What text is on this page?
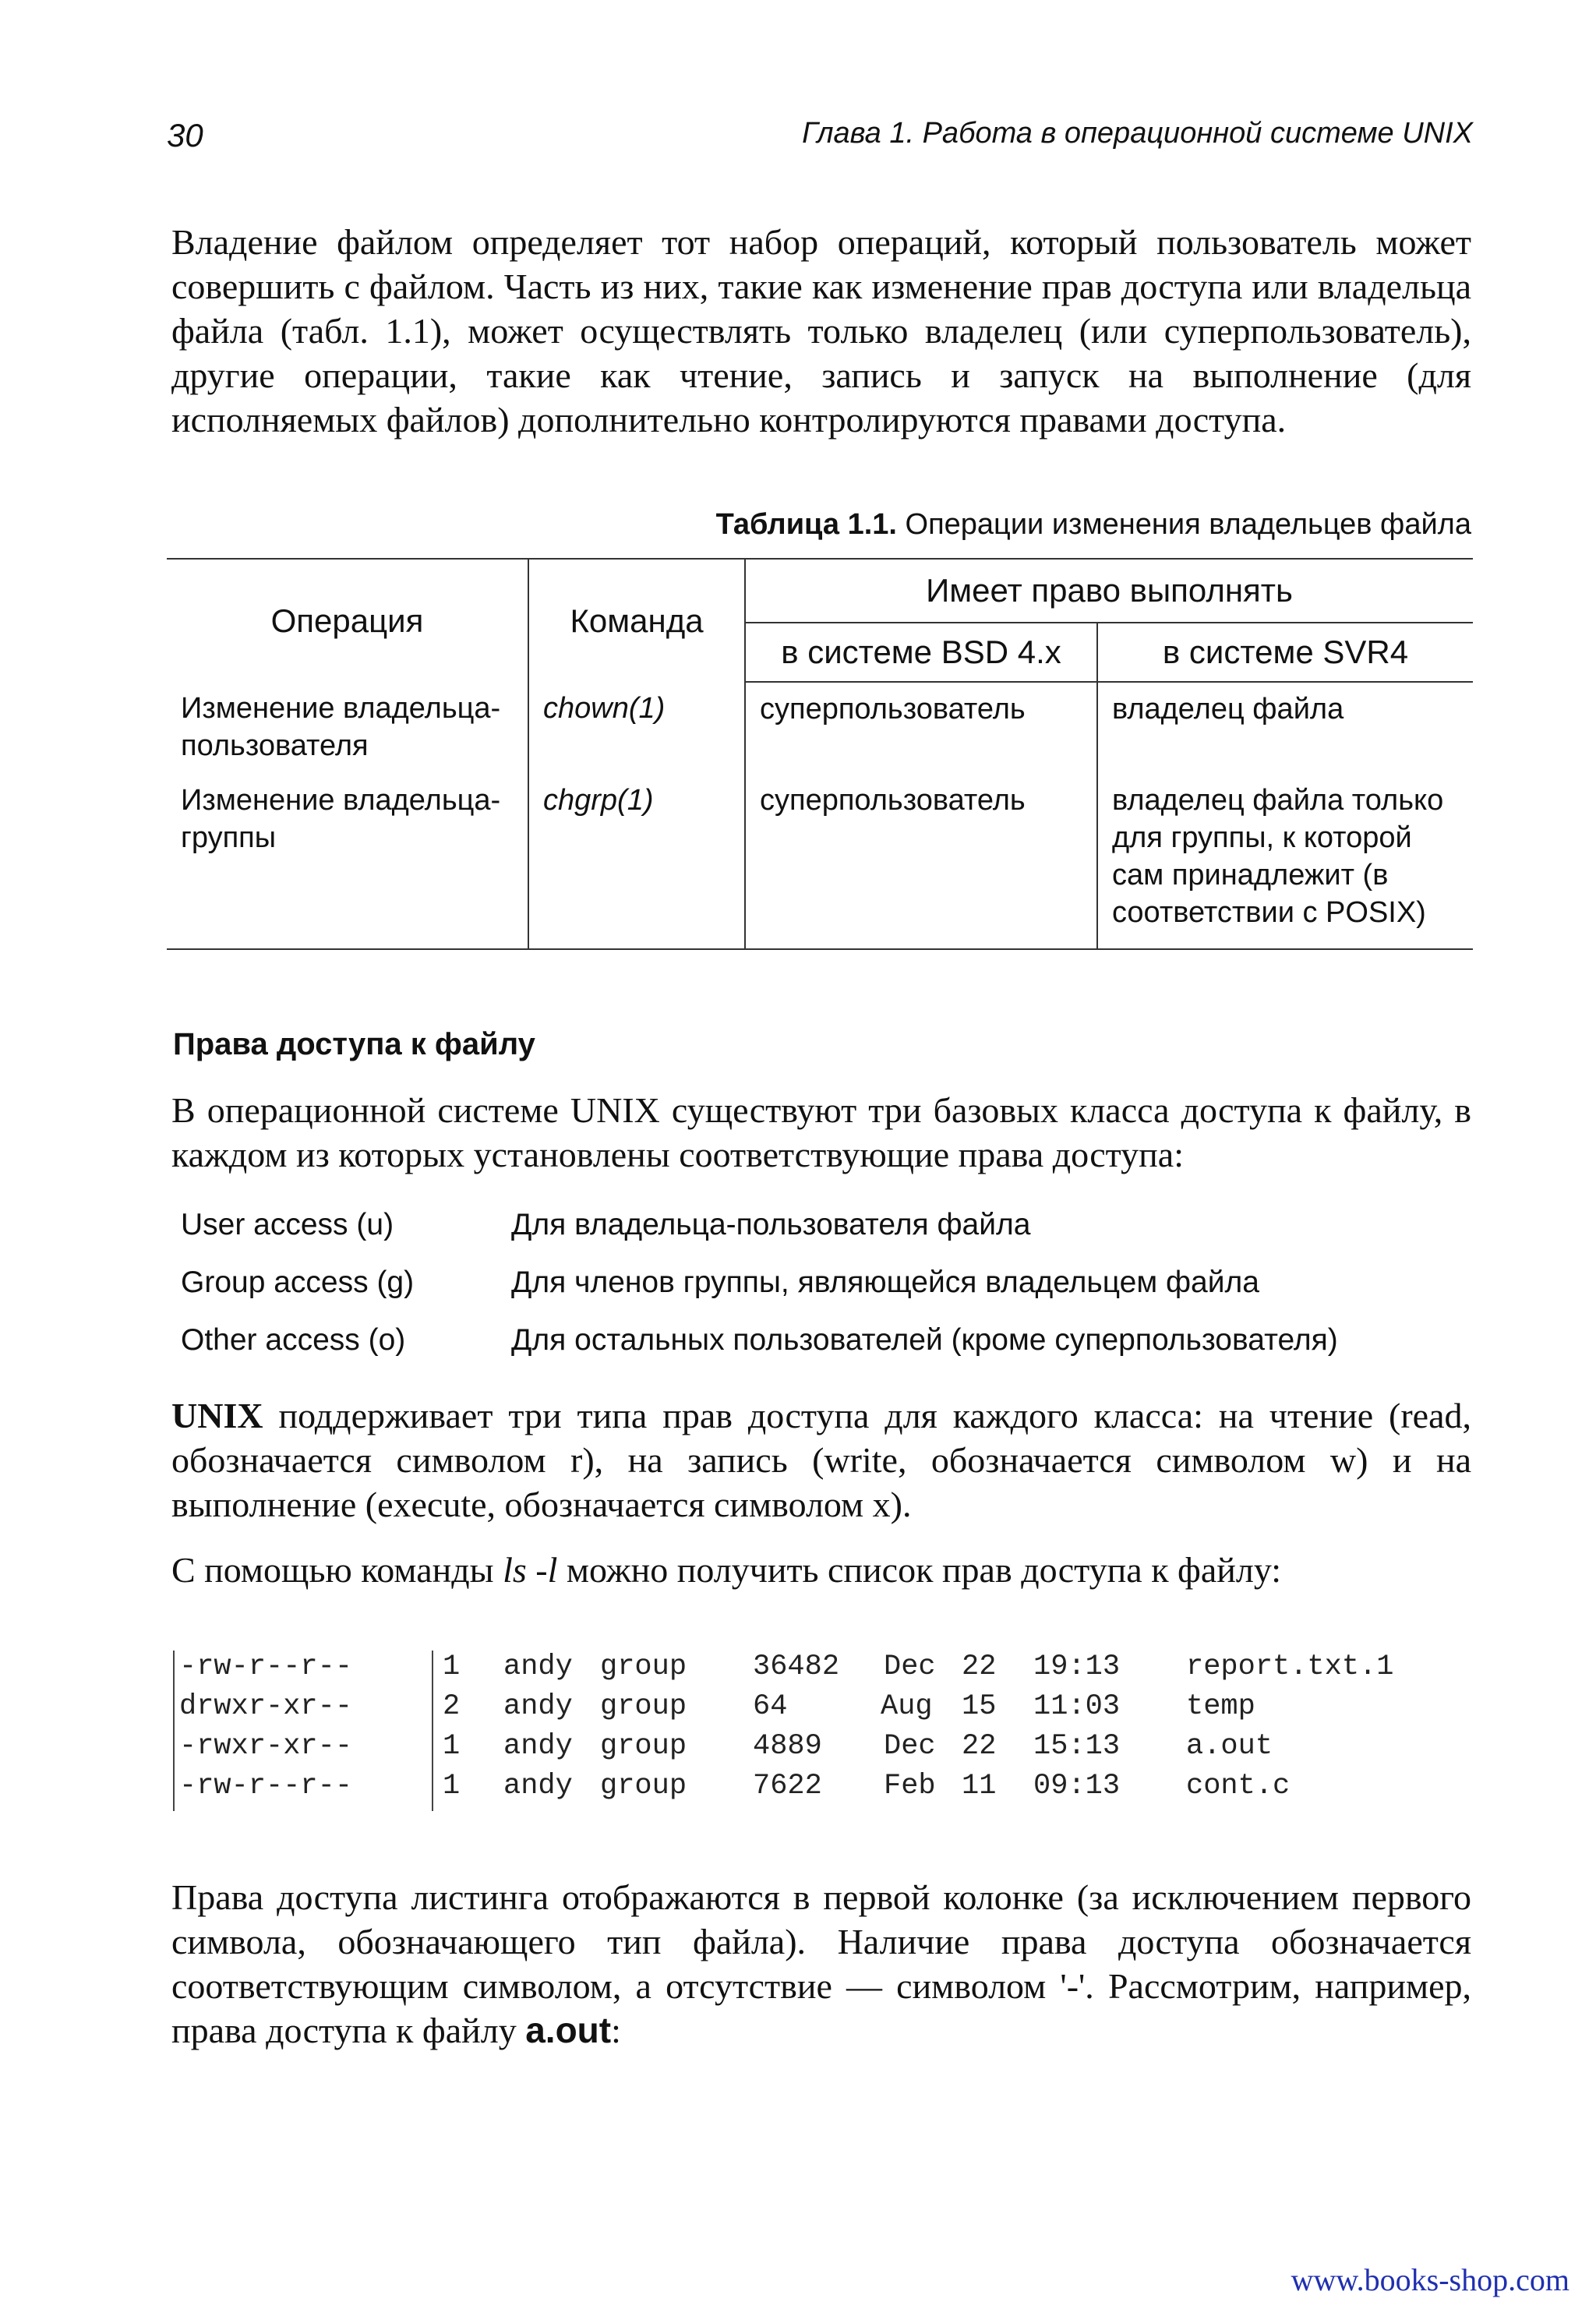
30	Глава 1. Работа в операционной системе UNIX
Владение файлом определяет тот набор операций, который пользователь может совершить с файлом. Часть из них, такие как изменение прав доступа или владельца файла (табл. 1.1), может осуществлять только владелец (или суперпользователь), другие операции, такие как чтение, запись и запуск на выполнение (для исполняемых файлов) дополнительно контролируются правами доступа.
Таблица 1.1. Операции изменения владельцев файла
Операция	Команда	Имеет право выполнять	
		в системе BSD 4.x	в системе SVR4
Изменение владельца-пользователя	chown(1)	суперпользователь	владелец файла
Изменение владельца-группы	chgrp(1)	суперпользователь	владелец файла только для группы, к которой сам принадлежит (в соответствии с POSIX)
Права доступа к файлу
В операционной системе UNIX существуют три базовых класса доступа к файлу, в каждом из которых установлены соответствующие права доступа:
User access (u)	Для владельца-пользователя файла
Group access (g)	Для членов группы, являющейся владельцем файла
Other access (o)	Для остальных пользователей (кроме суперпользователя)
UNIX поддерживает три типа прав доступа для каждого класса: на чтение (read, обозначается символом r), на запись (write, обозначается символом w) и на выполнение (execute, обозначается символом x).
С помощью команды ls -l можно получить список прав доступа к файлу:
-rw-r--r--	1 andy group 36482 Dec 22 19:13 report.txt.1
drwxr-xr--	2 andy group 64	Aug 15 11:03 temp
-rwxr-xr--	1 andy group 4889 Dec 22 15:13 a.out
-rw-r--r--	1 andy group 7622 Feb 11 09:13 cont.c
Права доступа листинга отображаются в первой колонке (за исключением первого символа, обозначающего тип файла). Наличие права доступа обозначается соответствующим символом, а отсутствие — символом '-'. Рассмотрим, например, права доступа к файлу a.out:
www.books-shop.com
